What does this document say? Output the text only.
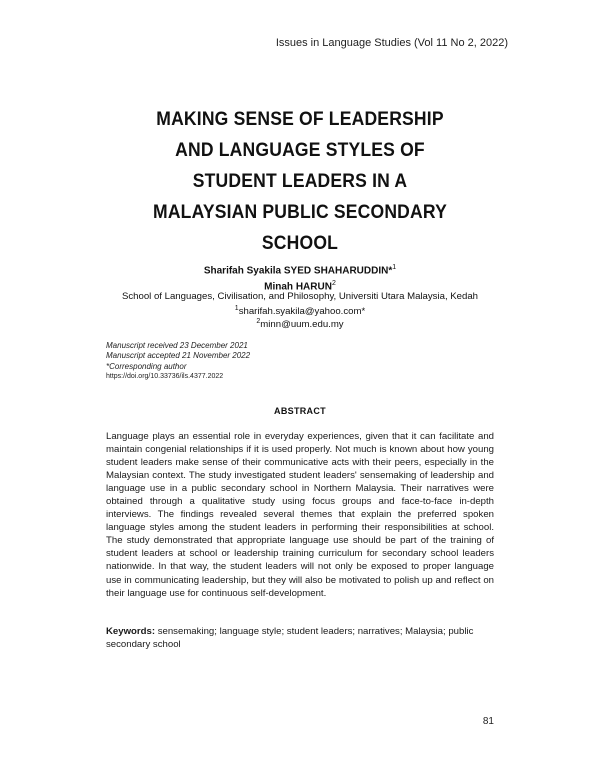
Issues in Language Studies (Vol 11 No 2, 2022)
MAKING SENSE OF LEADERSHIP
AND LANGUAGE STYLES OF
STUDENT LEADERS IN A
MALAYSIAN PUBLIC SECONDARY
SCHOOL
Sharifah Syakila SYED SHAHARUDDIN*$^1$
Minah HARUN$^2$
School of Languages, Civilisation, and Philosophy, Universiti Utara Malaysia, Kedah
$^1$sharifah.syakila@yahoo.com*
$^2$minn@uum.edu.my
Manuscript received 23 December 2021
Manuscript accepted 21 November 2022
*Corresponding author
https://doi.org/10.33736/ils.4377.2022
ABSTRACT
Language plays an essential role in everyday experiences, given that it can facilitate and maintain congenial relationships if it is used properly. Not much is known about how young student leaders make sense of their communicative acts with their peers, especially in the Malaysian context. The study investigated student leaders' sensemaking of leadership and language use in a public secondary school in Northern Malaysia. Their narratives were obtained through a qualitative study using focus groups and face-to-face in-depth interviews. The findings revealed several themes that explain the preferred spoken language styles among the student leaders in performing their responsibilities at school. The study demonstrated that appropriate language use should be part of the training of student leaders at school or leadership training curriculum for secondary school leaders nationwide. In that way, the student leaders will not only be exposed to proper language use in communicating leadership, but they will also be motivated to polish up and reflect on their language use for continuous self-development.
Keywords: sensemaking; language style; student leaders; narratives; Malaysia; public secondary school
81
